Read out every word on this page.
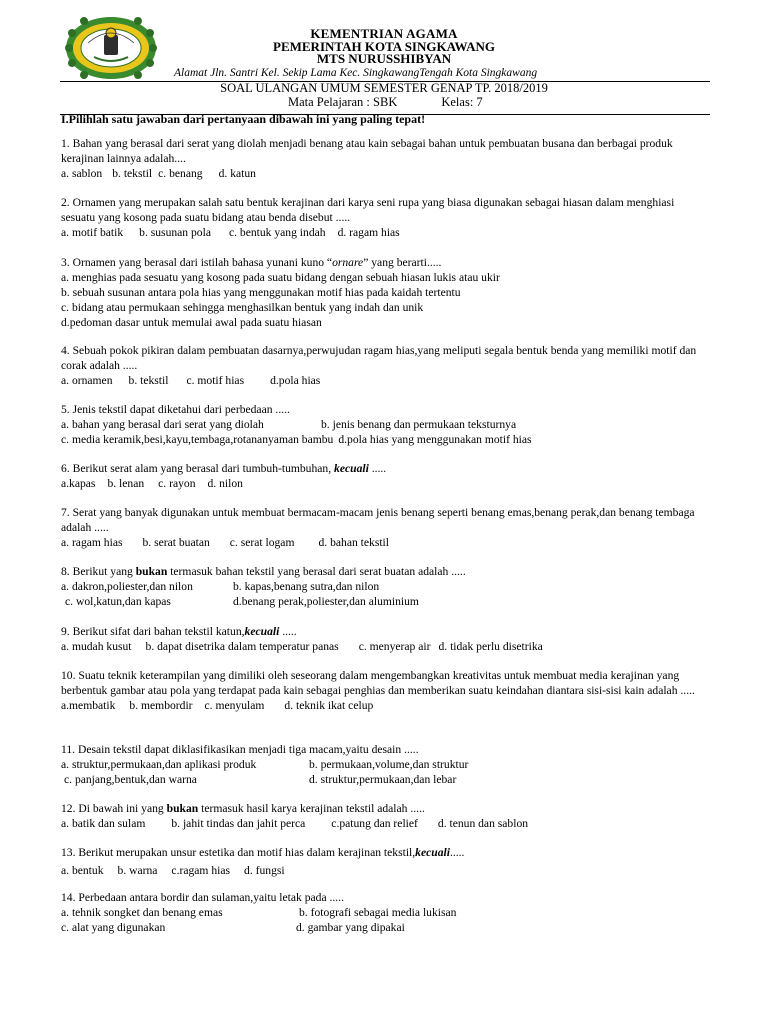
KEMENTRIAN AGAMA
PEMERINTAH KOTA SINGKAWANG
MTS NURUSSHIBYAN
Alamat Jln. Santri Kel. Sekip Lama Kec. SingkawangTengah Kota Singkawang
SOAL ULANGAN UMUM SEMESTER GENAP TP. 2018/2019
Mata Pelajaran : SBK	Kelas: 7
I.Pilihlah satu jawaban dari pertanyaan dibawah ini yang paling tepat!
1. Bahan yang berasal dari serat yang diolah menjadi benang atau kain sebagai bahan untuk pembuatan busana dan berbagai produk kerajinan lainnya adalah....
a. sablon b. tekstil c. benang d. katun
2. Ornamen yang merupakan salah satu bentuk kerajinan dari karya seni rupa yang biasa digunakan sebagai hiasan dalam menghiasi sesuatu yang kosong pada suatu bidang atau benda disebut .....
a. motif batik b. susunan pola c. bentuk yang indah d. ragam hias
3. Ornamen yang berasal dari istilah bahasa yunani kuno “ornare” yang berarti.....
a. menghias pada sesuatu yang kosong pada suatu bidang dengan sebuah hiasan lukis atau ukir
b. sebuah susunan antara pola hias yang menggunakan motif hias pada kaidah tertentu
c. bidang atau permukaan sehingga menghasilkan bentuk yang indah dan unik
d.pedoman dasar untuk memulai awal pada suatu hiasan
4. Sebuah pokok pikiran dalam pembuatan dasarnya,perwujudan ragam hias,yang meliputi segala bentuk benda yang memiliki motif dan corak adalah .....
a. ornamen b. tekstil c. motif hias d.pola hias
5. Jenis tekstil dapat diketahui dari perbedaan .....
a. bahan yang berasal dari serat yang diolah	b. jenis benang dan permukaan teksturnya
c. media keramik,besi,kayu,tembaga,rotananyaman bambu d.pola hias yang menggunakan motif hias
6. Berikut serat alam yang berasal dari tumbuh-tumbuhan, kecuali .....
a.kapas b. lenan c. rayon d. nilon
7. Serat yang banyak digunakan untuk membuat bermacam-macam jenis benang seperti benang emas,benang perak,dan benang tembaga adalah .....
a. ragam hias b. serat buatan c. serat logam d. bahan tekstil
8. Berikut yang bukan termasuk bahan tekstil yang berasal dari serat buatan adalah .....
a. dakron,poliester,dan nilon	b. kapas,benang sutra,dan nilon
c. wol,katun,dan kapas	d.benang perak,poliester,dan aluminium
9. Berikut sifat dari bahan tekstil katun,kecuali .....
a. mudah kusut b. dapat disetrika dalam temperatur panas c. menyerap air d. tidak perlu disetrika
10. Suatu teknik keterampilan yang dimiliki oleh seseorang dalam mengembangkan kreativitas untuk membuat media kerajinan yang berbentuk gambar atau pola yang terdapat pada kain sebagai penghias dan memberikan suatu keindahan diantara sisi-sisi kain adalah .....
a.membatik b. membordir c. menyulam d. teknik ikat celup
11. Desain tekstil dapat diklasifikasikan menjadi tiga macam,yaitu desain .....
a. struktur,permukaan,dan aplikasi produk	b. permukaan,volume,dan struktur
c. panjang,bentuk,dan warna	d. struktur,permukaan,dan lebar
12. Di bawah ini yang bukan termasuk hasil karya kerajinan tekstil adalah .....
a. batik dan sulam b. jahit tindas dan jahit perca c.patung dan relief d. tenun dan sablon
13. Berikut merupakan unsur estetika dan motif hias dalam kerajinan tekstil,kecuali.....
a. bentuk b. warna c.ragam hias d. fungsi
14. Perbedaan antara bordir dan sulaman,yaitu letak pada .....
a. tehnik songket dan benang emas	b. fotografi sebagai media lukisan
c. alat yang digunakan	d. gambar yang dipakai
